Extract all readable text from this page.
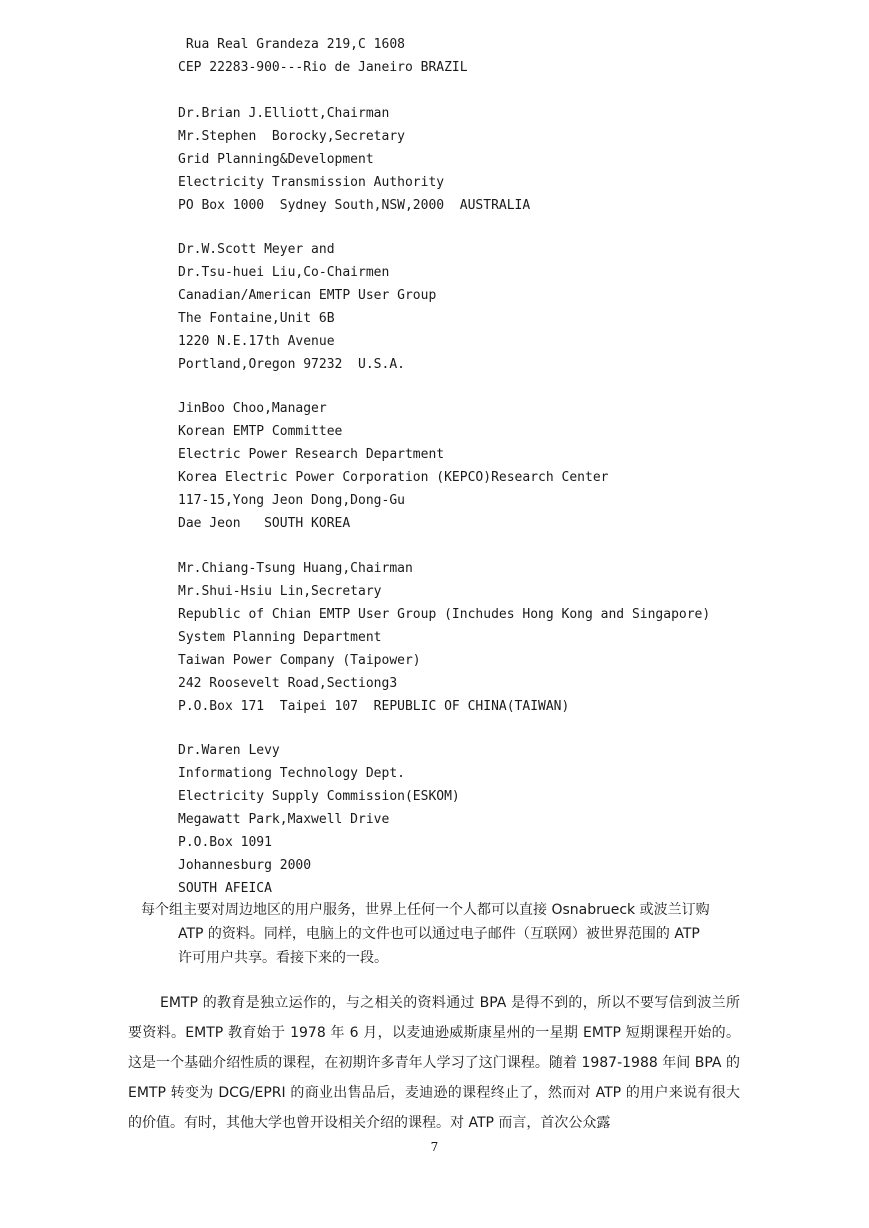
Rua Real Grandeza 219,C 1608
CEP 22283-900---Rio de Janeiro BRAZIL
Dr.Brian J.Elliott,Chairman
Mr.Stephen  Borocky,Secretary
Grid Planning&Development
Electricity Transmission Authority
PO Box 1000  Sydney South,NSW,2000  AUSTRALIA
Dr.W.Scott Meyer and
Dr.Tsu-huei Liu,Co-Chairmen
Canadian/American EMTP User Group
The Fontaine,Unit 6B
1220 N.E.17th Avenue
Portland,Oregon 97232  U.S.A.
JinBoo Choo,Manager
Korean EMTP Committee
Electric Power Research Department
Korea Electric Power Corporation (KEPCO)Research Center
117-15,Yong Jeon Dong,Dong-Gu
Dae Jeon   SOUTH KOREA
Mr.Chiang-Tsung Huang,Chairman
Mr.Shui-Hsiu Lin,Secretary
Republic of Chian EMTP User Group (Inchudes Hong Kong and Singapore)
System Planning Department
Taiwan Power Company (Taipower)
242 Roosevelt Road,Sectiong3
P.O.Box 171  Taipei 107  REPUBLIC OF CHINA(TAIWAN)
Dr.Waren Levy
Informationg Technology Dept.
Electricity Supply Commission(ESKOM)
Megawatt Park,Maxwell Drive
P.O.Box 1091
Johannesburg 2000
SOUTH AFEICA
每个组主要对周边地区的用户服务，世界上任何一个人都可以直接 Osnabrueck 或波兰订购
ATP 的资料。同样，电脑上的文件也可以通过电子邮件（互联网）被世界范围的 ATP
许可用户共享。看接下来的一段。
EMTP 的教育是独立运作的，与之相关的资料通过 BPA 是得不到的，所以不要写信到波兰所要资料。EMTP 教育始于 1978 年 6 月，以麦迪逊威斯康星州的一星期 EMTP 短期课程开始的。这是一个基础介绍性质的课程，在初期许多青年人学习了这门课程。随着 1987-1988 年间 BPA 的 EMTP 转变为 DCG/EPRI 的商业出售品后，麦迪逊的课程终止了，然而对 ATP 的用户来说有很大的价值。有时，其他大学也曾开设相关介绍的课程。对 ATP 而言，首次公众露
7
